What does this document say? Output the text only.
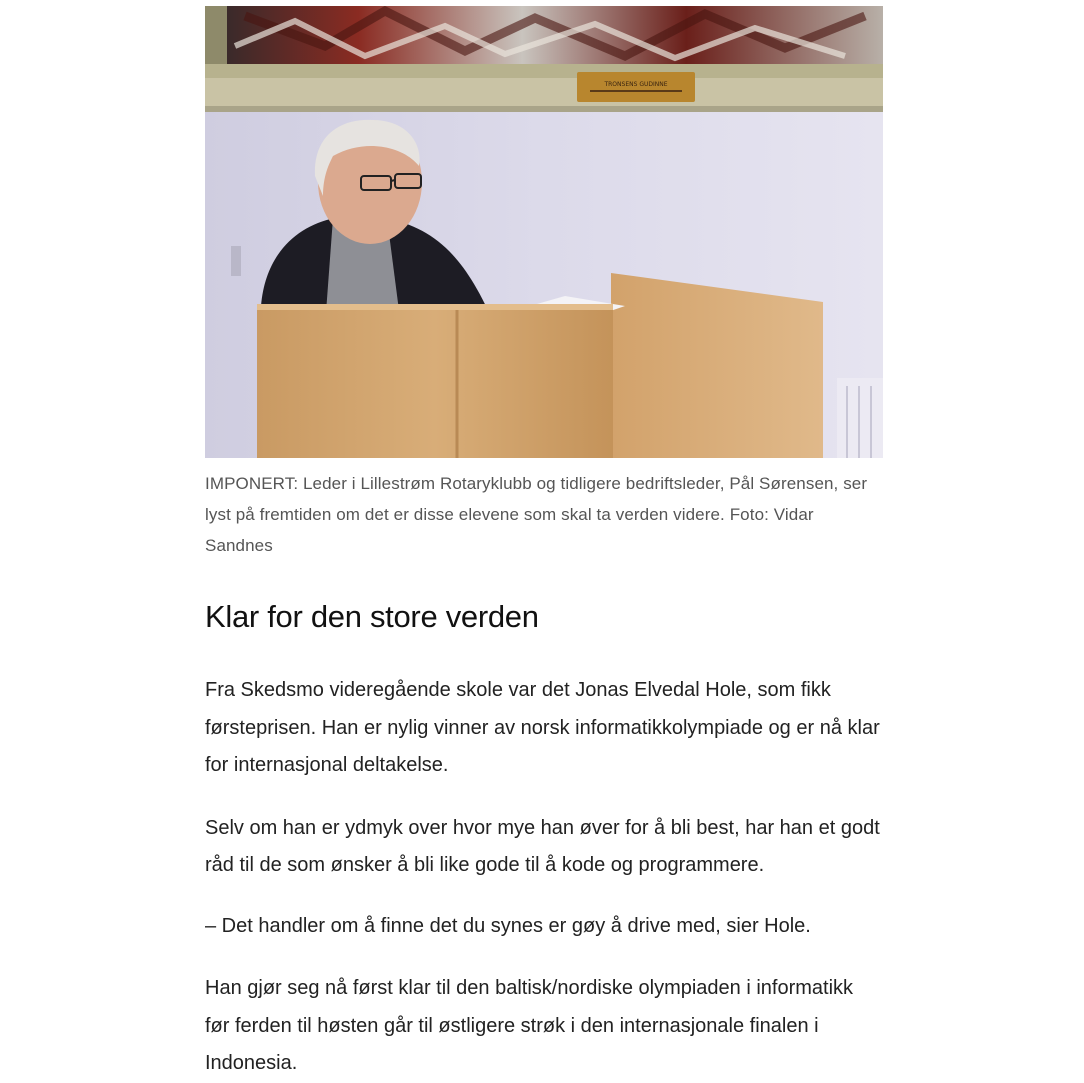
TRONSENS GUDINNE
IMPONERT: Leder i Lillestrøm Rotaryklubb og tidligere bedriftsleder, Pål Sørensen, ser lyst på fremtiden om det er disse elevene som skal ta verden videre. Foto: Vidar Sandnes
Klar for den store verden

Fra Skedsmo videregående skole var det Jonas Elvedal Hole, som fikk førsteprisen. Han er nylig vinner av norsk informatikkolympiade og er nå klar for internasjonal deltakelse.

Selv om han er ydmyk over hvor mye han øver for å bli best, har han et godt råd til de som ønsker å bli like gode til å kode og programmere.

– Det handler om å finne det du synes er gøy å drive med, sier Hole.

Han gjør seg nå først klar til den baltisk/nordiske olympiaden i informatikk før ferden til høsten går til østligere strøk i den internasjonale finalen i Indonesia.
